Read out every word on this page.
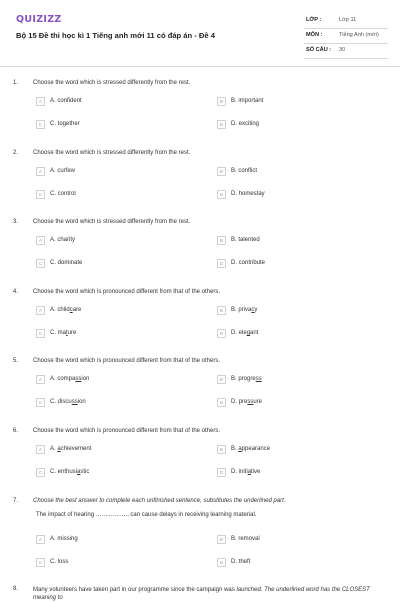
QUIZIZZ
Bộ 15 Đề thi học kì 1 Tiếng anh mới 11 có đáp án - Đề 4
LỚP :	Lớp 11
MÔN :	Tiếng Anh (mới)
SỐ CÂU : 30
1. Choose the word which is stressed differently from the rest.
A	A. confident	B	B. important
C	C. together	D	D. exciting
2. Choose the word which is stressed differently from the rest.
A	A. curfew	B	B. conflict
C	C. control	D	D. homestay
3. Choose the word which is stressed differently from the rest.
A	A. charity	B	B. talented
C	C. dominate	D	D. contribute
4. Choose the word which is pronounced different from that of the others.
A	A. childcare	B	B. privacy
C	C. mature	D	D. elegant
5. Choose the word which is pronounced different from that of the others.
A	A. compassion	B	B. progress
C	C. discussion	D	D. pressure
6. Choose the word which is pronounced different from that of the others.
A	A. achievement	B	B. appearance
C	C. enthusiastic	D	D. initiative
7. Choose the best answer to complete each unfinished sentence, substitutes the underlined part.
The impact of hearing ……………… can cause delays in receiving learning material.
A	A. missing	B	B. removal
C	C. loss	D	D. theft
8. Many volunteers have taken part in our programme since the campaign was launched. The underlined word has the CLOSEST meaning to
